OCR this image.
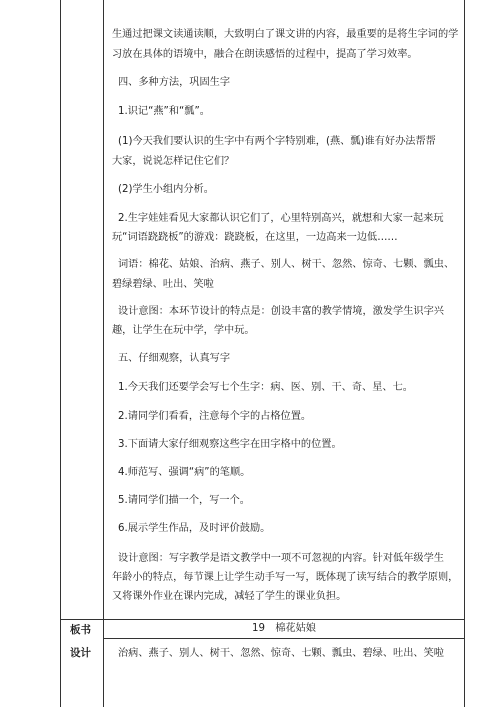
生通过把课文读通读顺，大致明白了课文讲的内容，最重要的是将生字词的学
习放在具体的语境中，融合在朗读感悟的过程中，提高了学习效率。
四、多种方法，巩固生字
1.识记“燕”和“瓢”。
(1)今天我们要认识的生字中有两个字特别难，(燕、瓢)谁有好办法帮帮
大家，说说怎样记住它们？
(2)学生小组内分析。
2.生字娃娃看见大家都认识它们了，心里特别高兴，就想和大家一起来玩
玩“词语跷跷板”的游戏：跷跷板，在这里，一边高来一边低……
词语：棉花、姑娘、治病、燕子、别人、树干、忽然、惊奇、七颗、瓢虫、
碧绿碧绿、吐出、笑啦
设计意图：本环节设计的特点是：创设丰富的教学情境，激发学生识字兴
趣，让学生在玩中学，学中玩。
五、仔细观察，认真写字
1.今天我们还要学会写七个生字：病、医、别、干、奇、星、七。
2.请同学们看看，注意每个字的占格位置。
3.下面请大家仔细观察这些字在田字格中的位置。
4.师范写、强调“病”的笔顺。
5.请同学们描一个，写一个。
6.展示学生作品，及时评价鼓励。
设计意图：写字教学是语文教学中一项不可忽视的内容。针对低年级学生
年龄小的特点，每节课上让学生动手写一写，既体现了读写结合的教学原则，
又将课外作业在课内完成，减轻了学生的课业负担。
板书
设计
19　棉花姑娘
治病、燕子、别人、树干、忽然、惊奇、七颗、瓢虫、碧绿、吐出、笑啦
